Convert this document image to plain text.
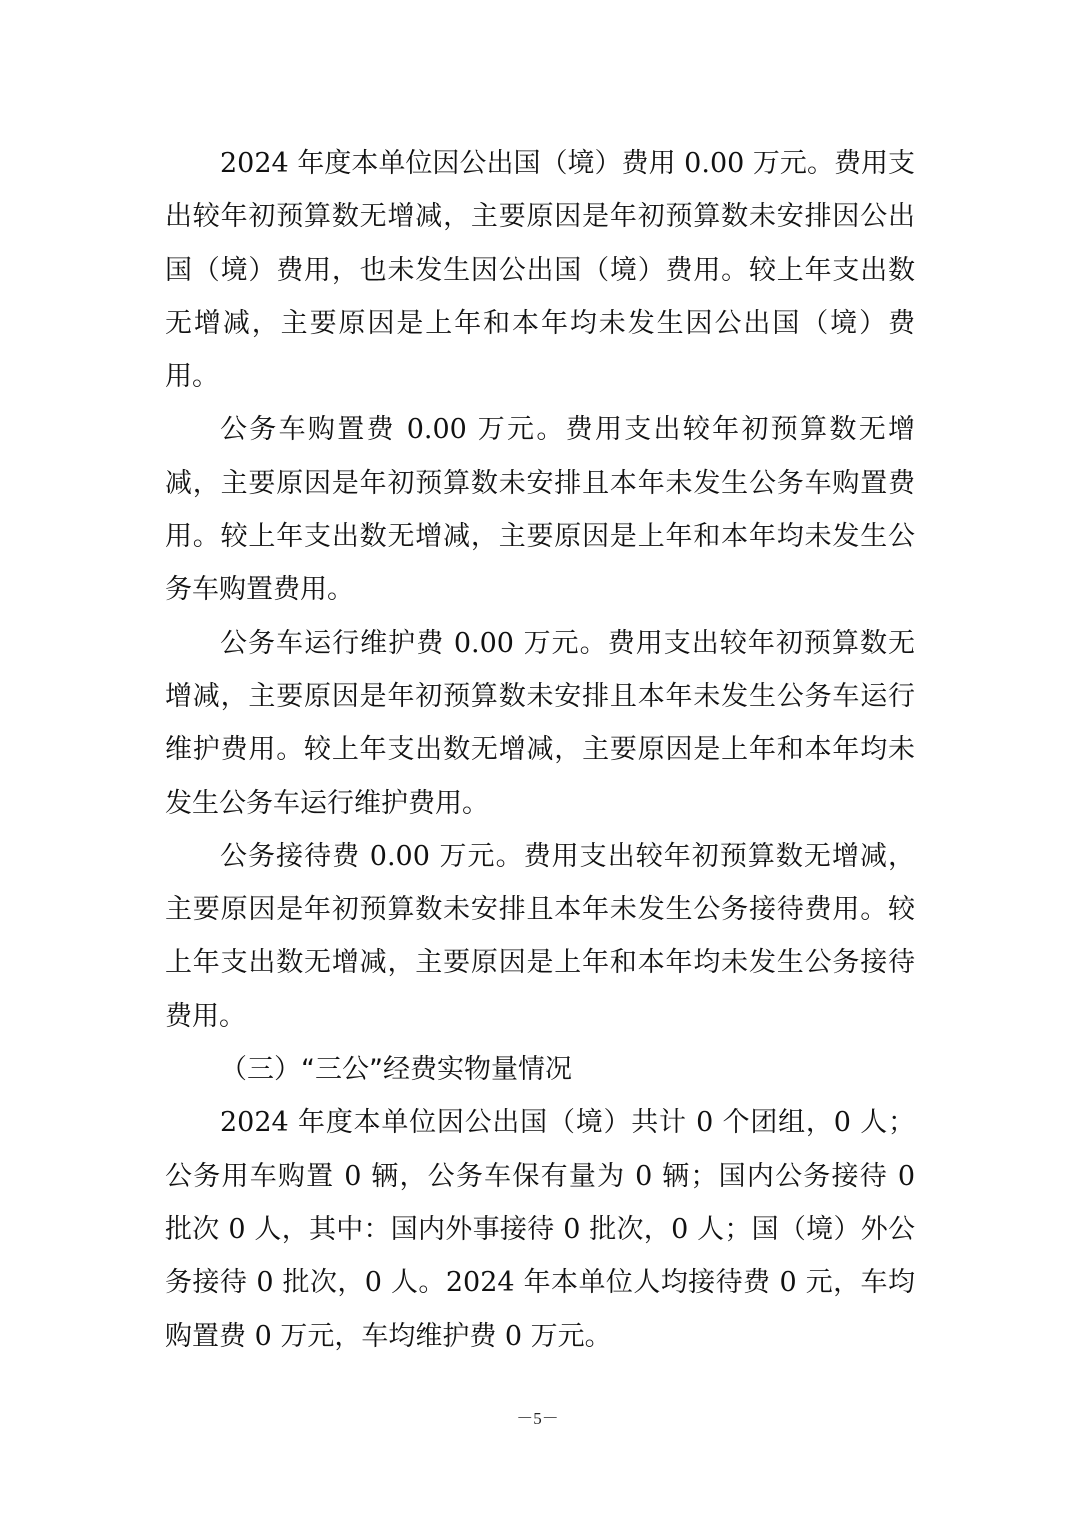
2024 年度本单位因公出国（境）费用 0.00 万元。费用支出较年初预算数无增减，主要原因是年初预算数未安排因公出国（境）费用，也未发生因公出国（境）费用。较上年支出数无增减，主要原因是上年和本年均未发生因公出国（境）费用。

公务车购置费 0.00 万元。费用支出较年初预算数无增减，主要原因是年初预算数未安排且本年未发生公务车购置费用。较上年支出数无增减，主要原因是上年和本年均未发生公务车购置费用。

公务车运行维护费 0.00 万元。费用支出较年初预算数无增减，主要原因是年初预算数未安排且本年未发生公务车运行维护费用。较上年支出数无增减，主要原因是上年和本年均未发生公务车运行维护费用。

公务接待费 0.00 万元。费用支出较年初预算数无增减，主要原因是年初预算数未安排且本年未发生公务接待费用。较上年支出数无增减，主要原因是上年和本年均未发生公务接待费用。

（三）“三公”经费实物量情况

2024 年度本单位因公出国（境）共计 0 个团组，0 人；公务用车购置 0 辆，公务车保有量为 0 辆；国内公务接待 0 批次 0 人，其中：国内外事接待 0 批次，0 人；国（境）外公务接待 0 批次，0 人。2024 年本单位人均接待费 0 元，车均购置费 0 万元，车均维护费 0 万元。

－5－
